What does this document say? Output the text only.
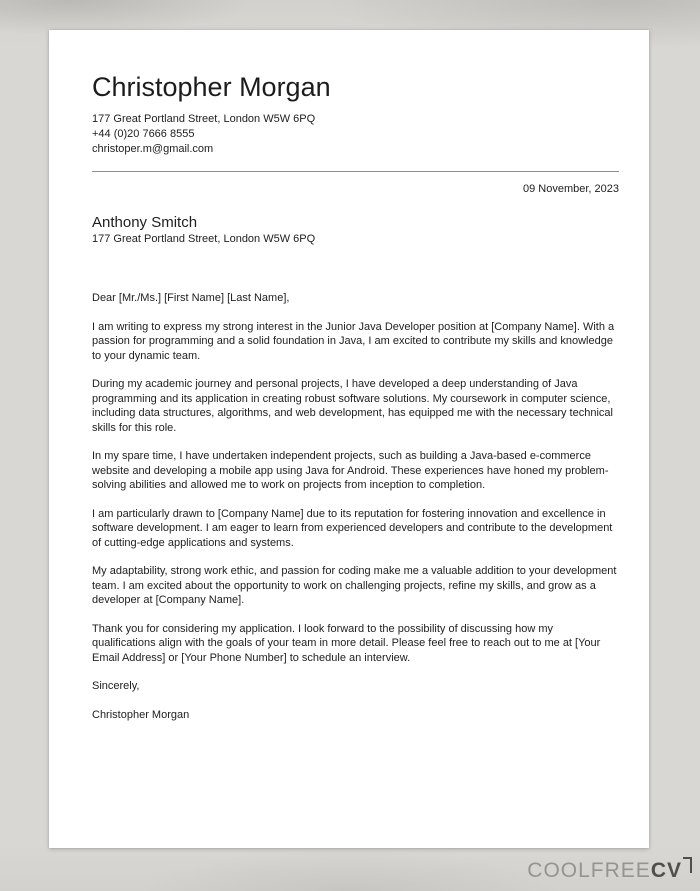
Christopher Morgan
177 Great Portland Street, London W5W 6PQ
+44 (0)20 7666 8555
christoper.m@gmail.com
09 November, 2023
Anthony Smitch
177 Great Portland Street, London W5W 6PQ

Dear [Mr./Ms.] [First Name] [Last Name],

I am writing to express my strong interest in the Junior Java Developer position at [Company Name]. With a passion for programming and a solid foundation in Java, I am excited to contribute my skills and knowledge to your dynamic team.

During my academic journey and personal projects, I have developed a deep understanding of Java programming and its application in creating robust software solutions. My coursework in computer science, including data structures, algorithms, and web development, has equipped me with the necessary technical skills for this role.

In my spare time, I have undertaken independent projects, such as building a Java-based e-commerce website and developing a mobile app using Java for Android. These experiences have honed my problem-solving abilities and allowed me to work on projects from inception to completion.

I am particularly drawn to [Company Name] due to its reputation for fostering innovation and excellence in software development. I am eager to learn from experienced developers and contribute to the development of cutting-edge applications and systems.

My adaptability, strong work ethic, and passion for coding make me a valuable addition to your development team. I am excited about the opportunity to work on challenging projects, refine my skills, and grow as a developer at [Company Name].

Thank you for considering my application. I look forward to the possibility of discussing how my qualifications align with the goals of your team in more detail. Please feel free to reach out to me at [Your Email Address] or [Your Phone Number] to schedule an interview.

Sincerely,

Christopher Morgan

COOLFREECV
